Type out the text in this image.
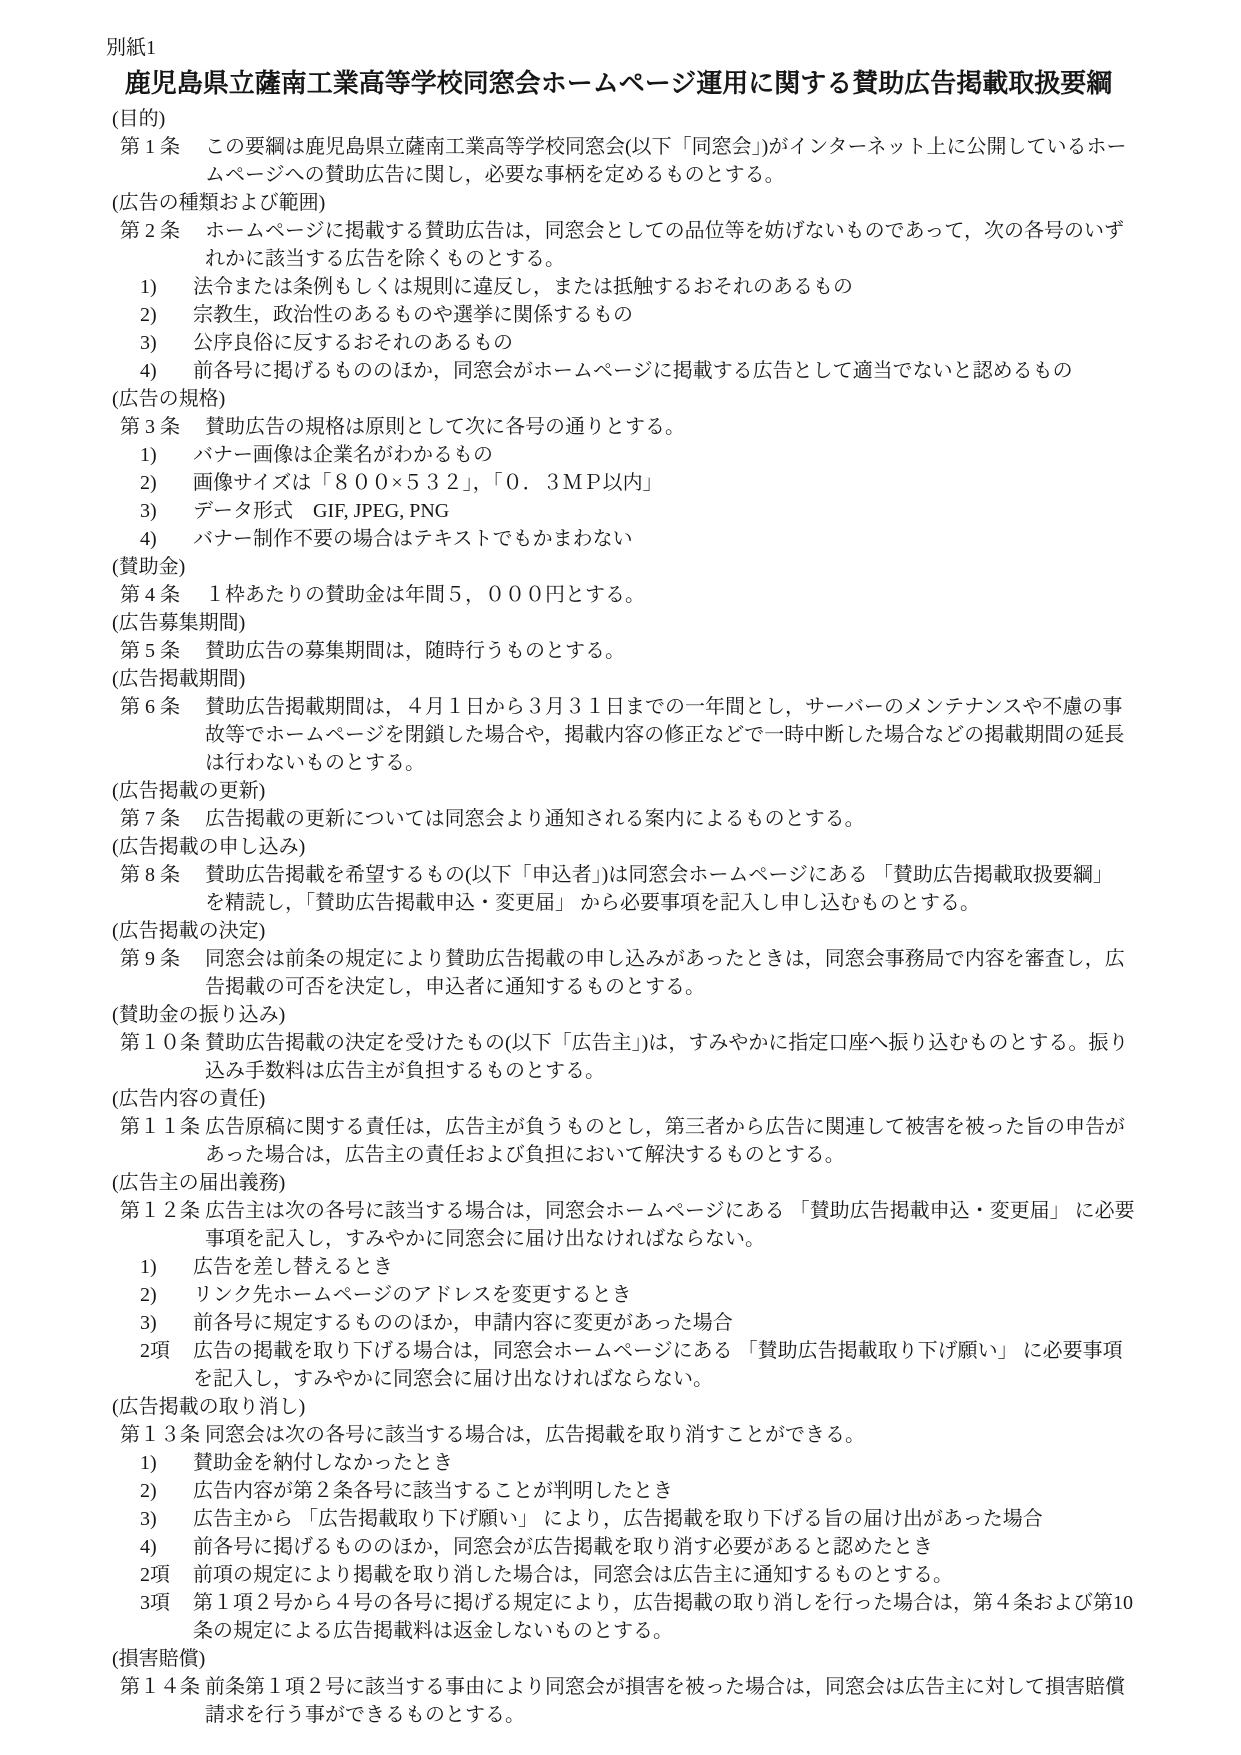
別紙1
鹿児島県立薩南工業高等学校同窓会ホームページ運用に関する賛助広告掲載取扱要綱
(目的)
第 1 条 この要綱は鹿児島県立薩南工業高等学校同窓会(以下「同窓会」)がインターネット上に公開しているホームページへの賛助広告に関し，必要な事柄を定めるものとする。
(広告の種類および範囲)
第 2 条 ホームページに掲載する賛助広告は，同窓会としての品位等を妨げないものであって，次の各号のいずれかに該当する広告を除くものとする。
1) 法令または条例もしくは規則に違反し，または抵触するおそれのあるもの
2) 宗教生，政治性のあるものや選挙に関係するもの
3) 公序良俗に反するおそれのあるもの
4) 前各号に掲げるもののほか，同窓会がホームページに掲載する広告として適当でないと認めるもの
(広告の規格)
第 3 条 賛助広告の規格は原則として次に各号の通りとする。
1) バナー画像は企業名がわかるもの
2) 画像サイズは「８００×５３２」，「０．３ＭＰ以内」
3) データ形式　GIF, JPEG, PNG
4) バナー制作不要の場合はテキストでもかまわない
(賛助金)
第 4 条 １枠あたりの賛助金は年間５，０００円とする。
(広告募集期間)
第 5 条 賛助広告の募集期間は，随時行うものとする。
(広告掲載期間)
第 6 条 賛助広告掲載期間は，４月１日から３月３１日までの一年間とし，サーバーのメンテナンスや不慮の事故等でホームページを閉鎖した場合や，掲載内容の修正などで一時中断した場合などの掲載期間の延長は行わないものとする。
(広告掲載の更新)
第 7 条 広告掲載の更新については同窓会より通知される案内によるものとする。
(広告掲載の申し込み)
第 8 条 賛助広告掲載を希望するもの(以下「申込者」)は同窓会ホームページにある 「賛助広告掲載取扱要綱」 を精読し，「賛助広告掲載申込・変更届」 から必要事項を記入し申し込むものとする。
(広告掲載の決定)
第 9 条 同窓会は前条の規定により賛助広告掲載の申し込みがあったときは，同窓会事務局で内容を審査し，広告掲載の可否を決定し，申込者に通知するものとする。
(賛助金の振り込み)
第１０条 賛助広告掲載の決定を受けたもの(以下「広告主」)は，すみやかに指定口座へ振り込むものとする。振り込み手数料は広告主が負担するものとする。
(広告内容の責任)
第１１条 広告原稿に関する責任は，広告主が負うものとし，第三者から広告に関連して被害を被った旨の申告があった場合は，広告主の責任および負担において解決するものとする。
(広告主の届出義務)
第１２条 広告主は次の各号に該当する場合は，同窓会ホームページにある 「賛助広告掲載申込・変更届」 に必要事項を記入し，すみやかに同窓会に届け出なければならない。
1) 広告を差し替えるとき
2) リンク先ホームページのアドレスを変更するとき
3) 前各号に規定するもののほか，申請内容に変更があった場合
2項 広告の掲載を取り下げる場合は，同窓会ホームページにある 「賛助広告掲載取り下げ願い」 に必要事項を記入し，すみやかに同窓会に届け出なければならない。
(広告掲載の取り消し)
第１３条 同窓会は次の各号に該当する場合は，広告掲載を取り消すことができる。
1) 賛助金を納付しなかったとき
2) 広告内容が第２条各号に該当することが判明したとき
3) 広告主から 「広告掲載取り下げ願い」 により，広告掲載を取り下げる旨の届け出があった場合
4) 前各号に掲げるもののほか，同窓会が広告掲載を取り消す必要があると認めたとき
2項 前項の規定により掲載を取り消した場合は，同窓会は広告主に通知するものとする。
3項 第１項２号から４号の各号に掲げる規定により，広告掲載の取り消しを行った場合は，第４条および第10 条の規定による広告掲載料は返金しないものとする。
(損害賠償)
第１４条 前条第１項２号に該当する事由により同窓会が損害を被った場合は，同窓会は広告主に対して損害賠償請求を行う事ができるものとする。
